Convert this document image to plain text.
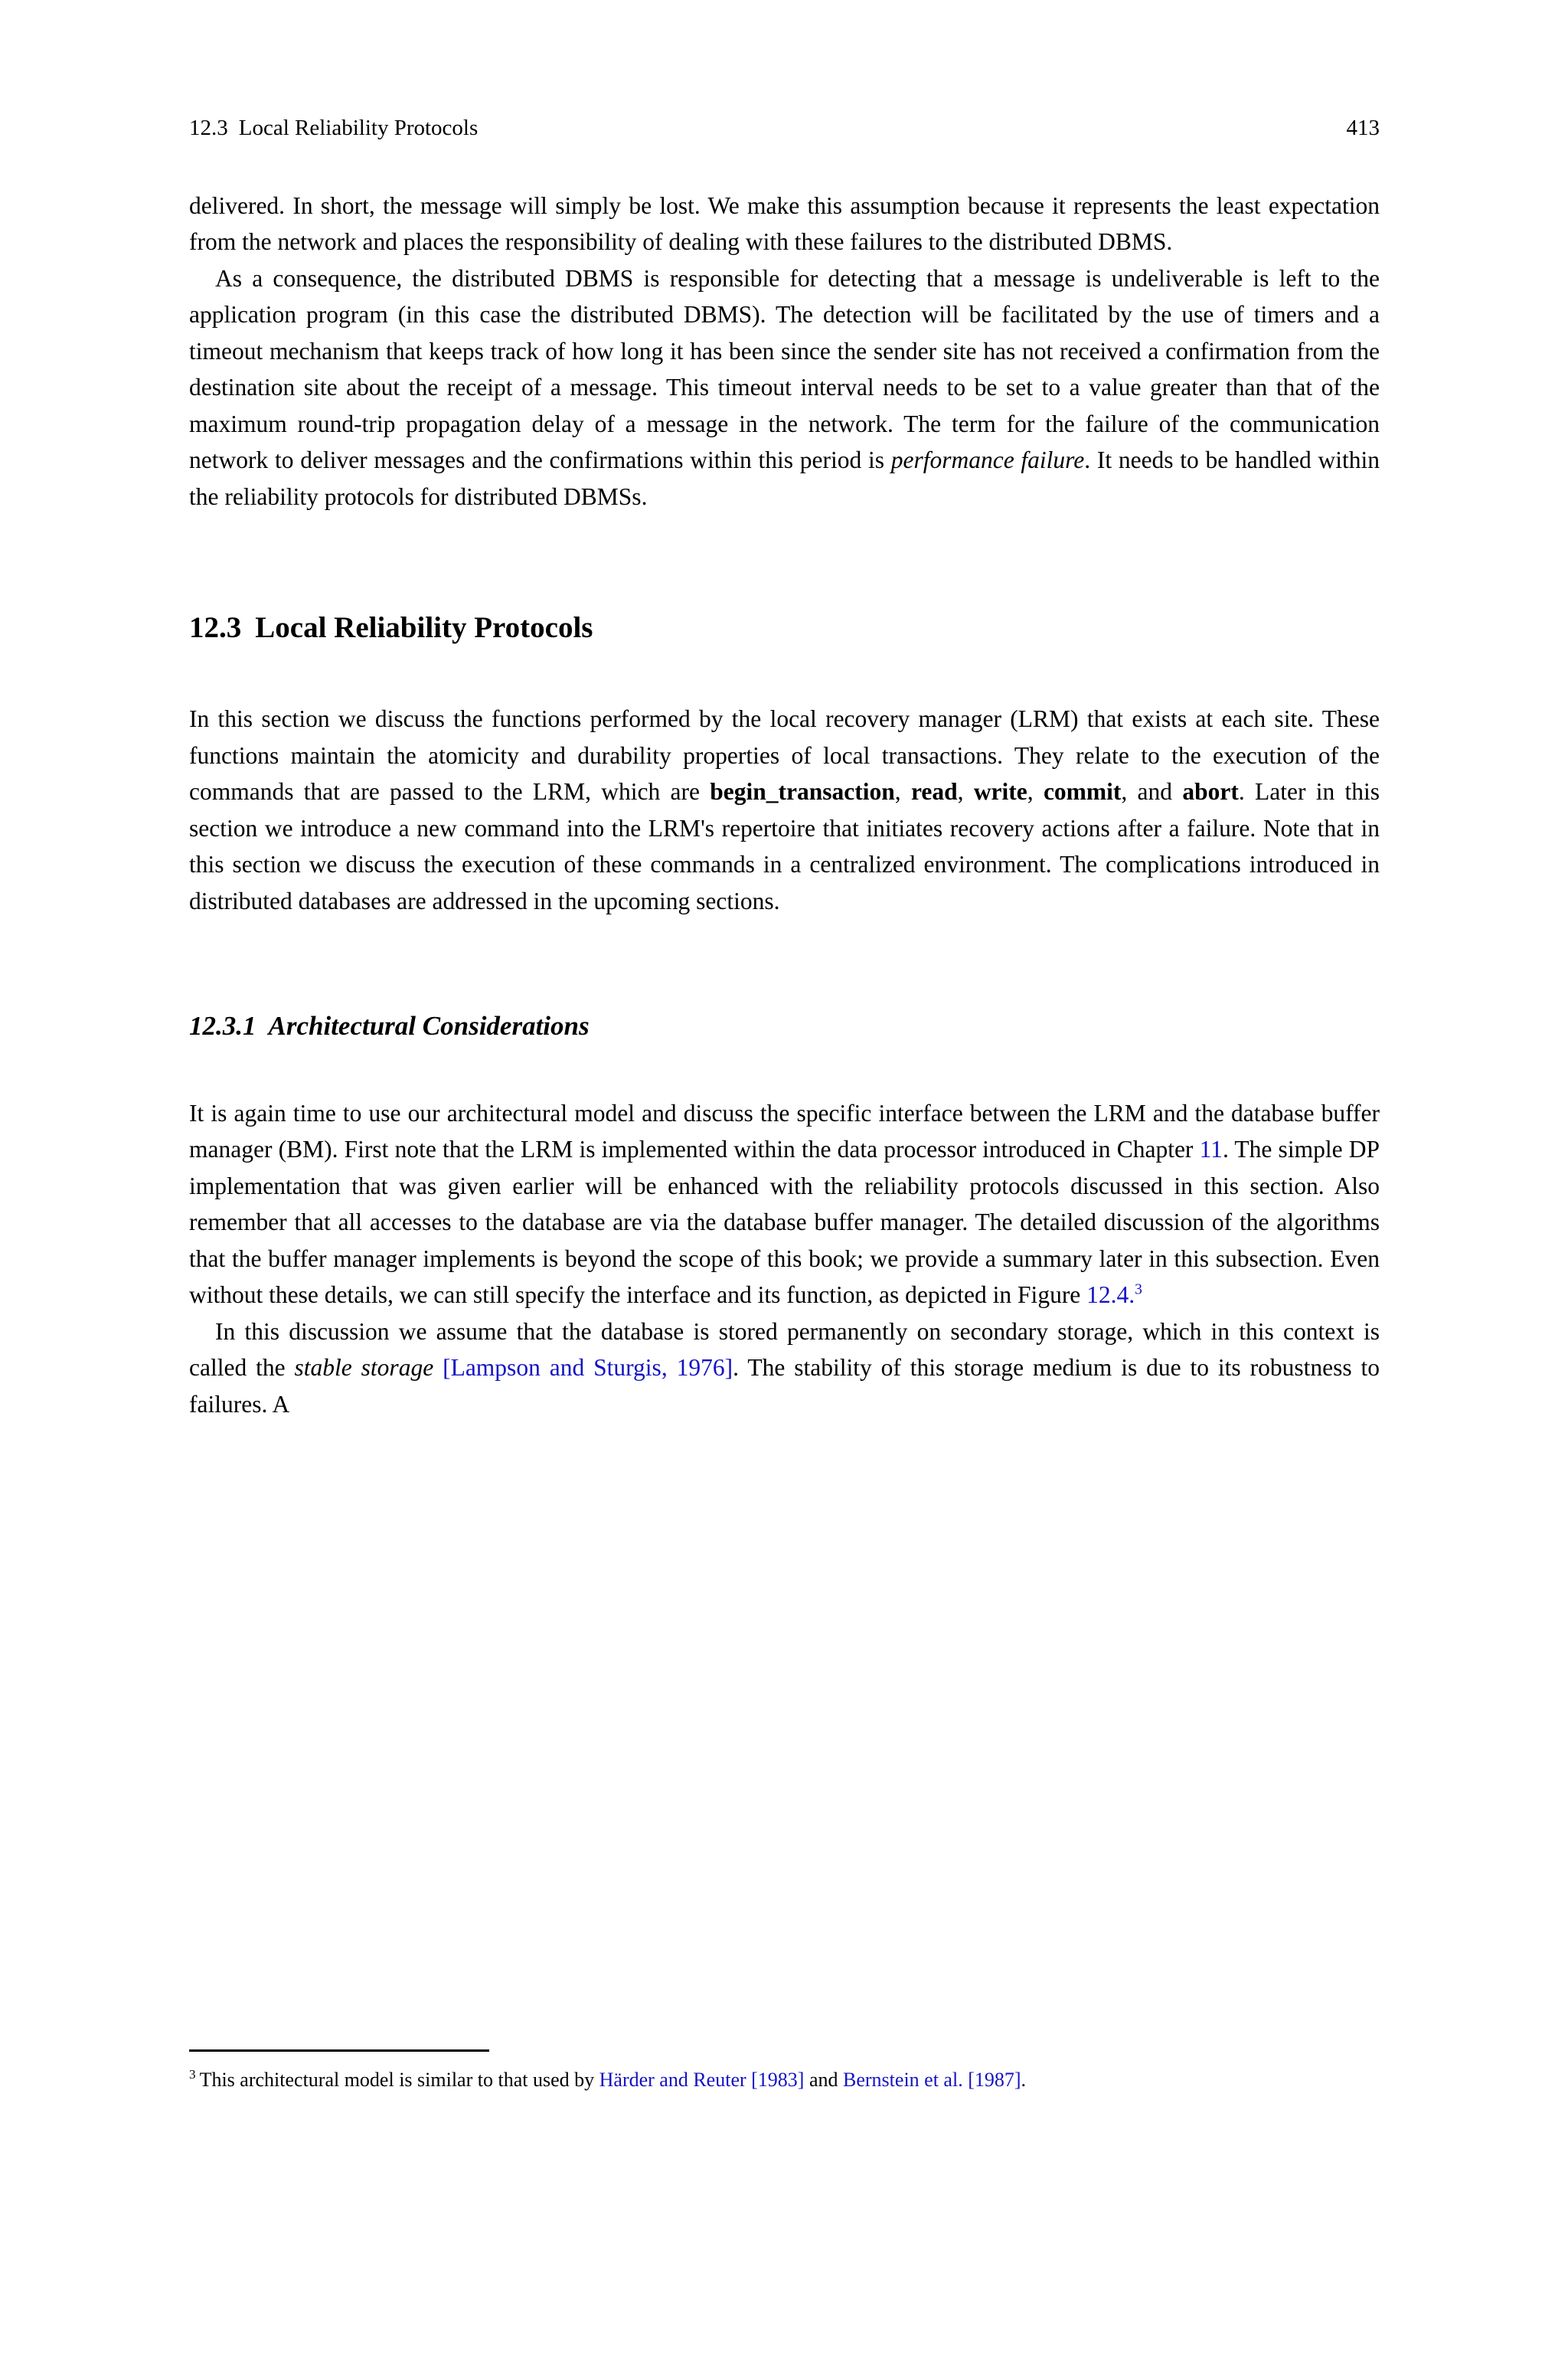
12.3 Local Reliability Protocols	413

delivered. In short, the message will simply be lost. We make this assumption because it represents the least expectation from the network and places the responsibility of dealing with these failures to the distributed DBMS.

As a consequence, the distributed DBMS is responsible for detecting that a message is undeliverable is left to the application program (in this case the distributed DBMS). The detection will be facilitated by the use of timers and a timeout mechanism that keeps track of how long it has been since the sender site has not received a confirmation from the destination site about the receipt of a message. This timeout interval needs to be set to a value greater than that of the maximum round-trip propagation delay of a message in the network. The term for the failure of the communication network to deliver messages and the confirmations within this period is performance failure. It needs to be handled within the reliability protocols for distributed DBMSs.

12.3 Local Reliability Protocols

In this section we discuss the functions performed by the local recovery manager (LRM) that exists at each site. These functions maintain the atomicity and durability properties of local transactions. They relate to the execution of the commands that are passed to the LRM, which are begin_transaction, read, write, commit, and abort. Later in this section we introduce a new command into the LRM's repertoire that initiates recovery actions after a failure. Note that in this section we discuss the execution of these commands in a centralized environment. The complications introduced in distributed databases are addressed in the upcoming sections.

12.3.1 Architectural Considerations

It is again time to use our architectural model and discuss the specific interface between the LRM and the database buffer manager (BM). First note that the LRM is implemented within the data processor introduced in Chapter 11. The simple DP implementation that was given earlier will be enhanced with the reliability protocols discussed in this section. Also remember that all accesses to the database are via the database buffer manager. The detailed discussion of the algorithms that the buffer manager implements is beyond the scope of this book; we provide a summary later in this subsection. Even without these details, we can still specify the interface and its function, as depicted in Figure 12.4.$^3$

In this discussion we assume that the database is stored permanently on secondary storage, which in this context is called the stable storage [Lampson and Sturgis, 1976]. The stability of this storage medium is due to its robustness to failures. A

$^3$ This architectural model is similar to that used by Härder and Reuter [1983] and Bernstein et al. [1987].
